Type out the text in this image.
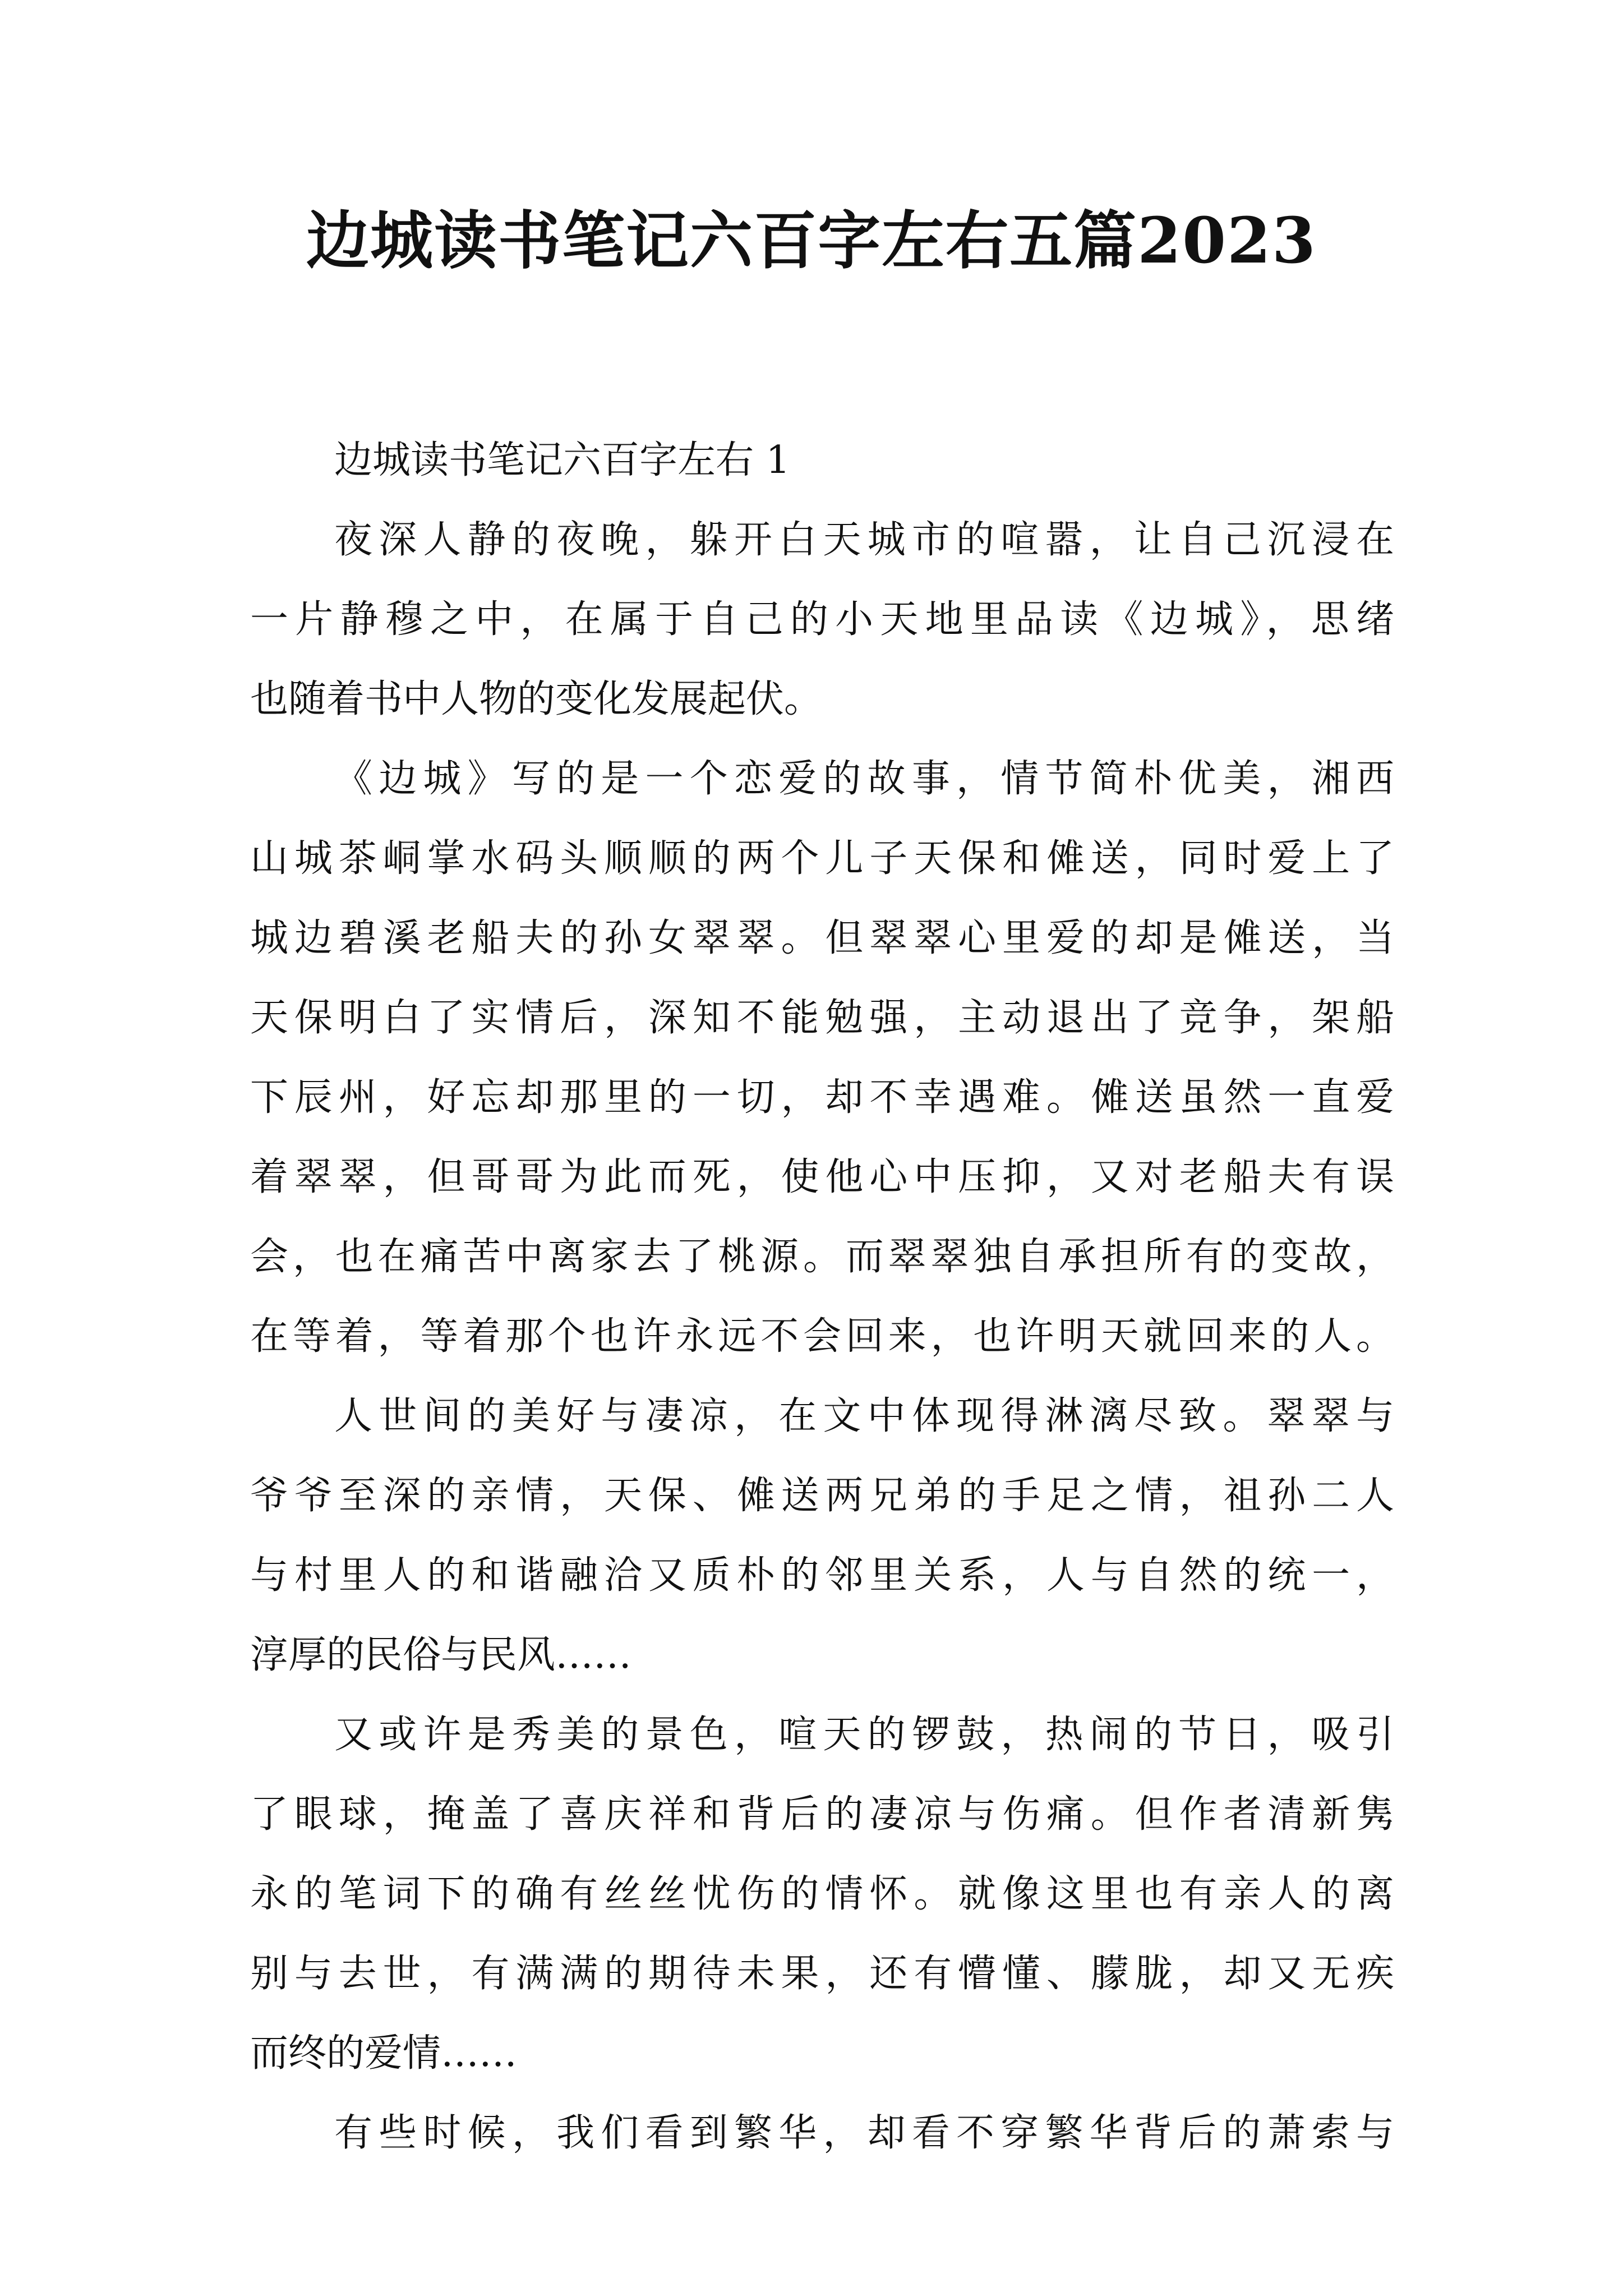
边城读书笔记六百字左右五篇2023
边城读书笔记六百字左右 1
夜深人静的夜晚，躲开白天城市的喧嚣，让自己沉浸在
一片静穆之中，在属于自己的小天地里品读《边城》，思绪
也随着书中人物的变化发展起伏。
《边城》写的是一个恋爱的故事，情节简朴优美，湘西
山城茶峒掌水码头顺顺的两个儿子天保和傩送，同时爱上了
城边碧溪老船夫的孙女翠翠。但翠翠心里爱的却是傩送，当
天保明白了实情后，深知不能勉强，主动退出了竞争，架船
下辰州，好忘却那里的一切，却不幸遇难。傩送虽然一直爱
着翠翠，但哥哥为此而死，使他心中压抑，又对老船夫有误
会，也在痛苦中离家去了桃源。而翠翠独自承担所有的变故，
在等着，等着那个也许永远不会回来，也许明天就回来的人。
人世间的美好与凄凉，在文中体现得淋漓尽致。翠翠与
爷爷至深的亲情，天保、傩送两兄弟的手足之情，祖孙二人
与村里人的和谐融洽又质朴的邻里关系，人与自然的统一，
淳厚的民俗与民风……
又或许是秀美的景色，喧天的锣鼓，热闹的节日，吸引
了眼球，掩盖了喜庆祥和背后的凄凉与伤痛。但作者清新隽
永的笔词下的确有丝丝忧伤的情怀。就像这里也有亲人的离
别与去世，有满满的期待未果，还有懵懂、朦胧，却又无疾
而终的爱情……
有些时候，我们看到繁华，却看不穿繁华背后的萧索与
